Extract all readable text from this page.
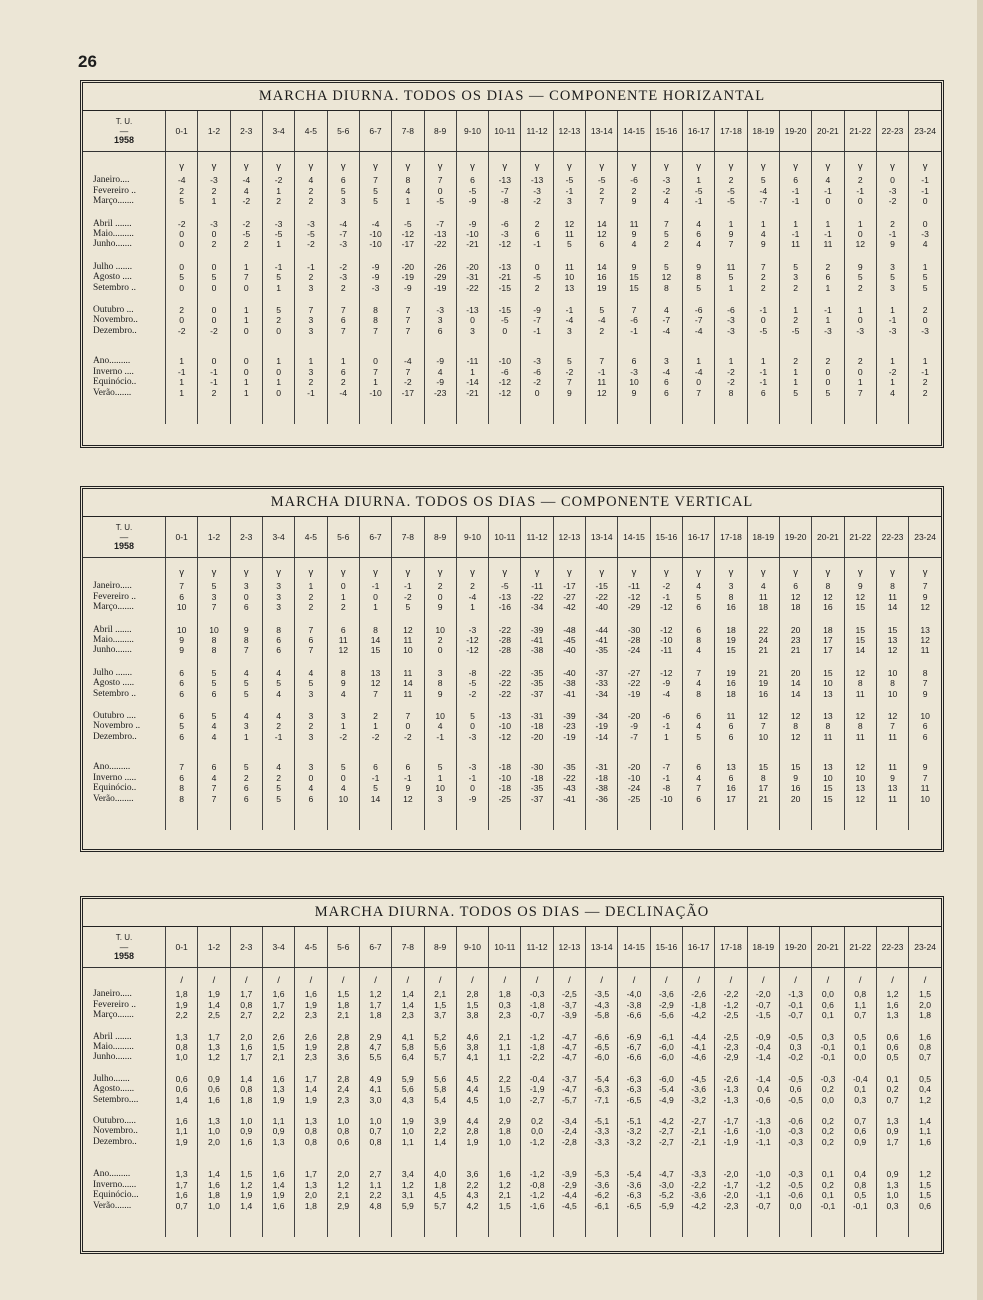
26
MARCHA DIURNA. TODOS OS DIAS — COMPONENTE HORIZANTAL
T. U.
—
1958	0-1	1-2	2-3	3-4	4-5	5-6	6-7	7-8	8-9	9-10	10-11	11-12	12-13	13-14	14-15	15-16	16-17	17-18	18-19	19-20	20-21	21-22	22-23	23-24
	γ	γ	γ	γ	γ	γ	γ	γ	γ	γ	γ	γ	γ	γ	γ	γ	γ	γ	γ	γ	γ	γ	γ	γ
Janeiro....	-4	-3	-4	-2	4	6	7	8	7	6	-13	-13	-5	-5	-6	-3	1	2	5	6	4	2	0	-1
Fevereiro ..	2	2	4	1	2	5	5	4	0	-5	-7	-3	-1	2	2	-2	-5	-5	-4	-1	-1	-1	-3	-1
Março.......	5	1	-2	2	2	3	5	1	-5	-9	-8	-2	3	7	9	4	-1	-5	-7	-1	0	0	-2	0

Abril .......	-2	-3	-2	-3	-3	-4	-4	-5	-7	-9	-6	2	12	14	11	7	4	1	1	1	1	1	2	0
Maio.........	0	0	-5	-5	-5	-7	-10	-12	-13	-10	-3	6	11	12	9	5	6	9	4	-1	-1	0	-1	-3
Junho.......	0	2	2	1	-2	-3	-10	-17	-22	-21	-12	-1	5	6	4	2	4	7	9	11	11	12	9	4

Julho .......	0	0	1	-1	-1	-2	-9	-20	-26	-20	-13	0	11	14	9	5	9	11	7	5	2	9	3	1
Agosto ....	5	5	7	5	2	-3	-9	-19	-29	-31	-21	-5	10	16	15	12	8	5	2	3	6	5	5	5
Setembro ..	0	0	0	1	3	2	-3	-9	-19	-22	-15	2	13	19	15	8	5	1	2	2	1	2	3	5

Outubro ...	2	0	1	5	7	7	8	7	-3	-13	-15	-9	-1	5	7	4	-6	-6	-1	1	-1	1	1	2
Novembro..	0	0	1	2	3	6	8	7	3	0	-5	-7	-4	-4	-6	-7	-7	-3	0	2	1	0	-1	0
Dezembro..	-2	-2	0	0	3	7	7	7	6	3	0	-1	3	2	-1	-4	-4	-3	-5	-5	-3	-3	-3	-3

Ano.........	1	0	0	1	1	1	0	-4	-9	-11	-10	-3	5	7	6	3	1	1	1	2	2	2	1	1
Inverno ....	-1	-1	0	0	3	6	7	7	4	1	-6	-6	-2	-1	-3	-4	-4	-2	-1	1	0	0	-2	-1
Equinócio..	1	-1	1	1	2	2	1	-2	-9	-14	-12	-2	7	11	10	6	0	-2	-1	1	0	1	1	2
Verão.......	1	2	1	0	-1	-4	-10	-17	-23	-21	-12	0	9	12	9	6	7	8	6	5	5	7	4	2

MARCHA DIURNA. TODOS OS DIAS — COMPONENTE VERTICAL
T. U.
—
1958	0-1	1-2	2-3	3-4	4-5	5-6	6-7	7-8	8-9	9-10	10-11	11-12	12-13	13-14	14-15	15-16	16-17	17-18	18-19	19-20	20-21	21-22	22-23	23-24
	γ	γ	γ	γ	γ	γ	γ	γ	γ	γ	γ	γ	γ	γ	γ	γ	γ	γ	γ	γ	γ	γ	γ	γ
Janeiro.....	7	5	3	3	1	0	-1	-1	2	2	-5	-11	-17	-15	-11	-2	4	3	4	6	8	9	8	7
Fevereiro ..	6	3	0	3	2	1	0	-2	0	-4	-13	-22	-27	-22	-12	-1	5	8	11	12	12	12	11	9
Março.......	10	7	6	3	2	2	1	5	9	1	-16	-34	-42	-40	-29	-12	6	16	18	18	16	15	14	12

Abril .......	10	10	9	8	7	6	8	12	10	-3	-22	-39	-48	-44	-30	-12	6	18	22	20	18	15	15	13
Maio.........	9	8	8	6	6	11	14	11	2	-12	-28	-41	-45	-41	-28	-10	8	19	24	23	17	15	13	12
Junho.......	9	8	7	6	7	12	15	10	0	-12	-28	-38	-40	-35	-24	-11	4	15	21	21	17	14	12	11

Julho .......	6	5	4	4	4	8	13	11	3	-8	-22	-35	-40	-37	-27	-12	7	19	21	20	15	12	10	8
Agosto .....	6	5	5	5	5	9	12	14	8	-5	-22	-35	-38	-33	-22	-9	4	16	19	14	10	8	8	7
Setembro ..	6	6	5	4	3	4	7	11	9	-2	-22	-37	-41	-34	-19	-4	8	18	16	14	13	11	10	9

Outubro ....	6	5	4	4	3	3	2	7	10	5	-13	-31	-39	-34	-20	-6	6	11	12	12	13	12	12	10
Novembro ..	5	4	3	2	2	1	1	0	4	0	-10	-18	-23	-19	-9	-1	4	6	7	8	8	8	7	6
Dezembro..	6	4	1	-1	3	-2	-2	-2	-1	-3	-12	-20	-19	-14	-7	1	5	6	10	12	11	11	11	6

Ano.........	7	6	5	4	3	5	6	6	5	-3	-18	-30	-35	-31	-20	-7	6	13	15	15	13	12	11	9
Inverno .....	6	4	2	2	0	0	-1	-1	1	-1	-10	-18	-22	-18	-10	-1	4	6	8	9	10	10	9	7
Equinócio..	8	7	6	5	4	4	5	9	10	0	-18	-35	-43	-38	-24	-8	7	16	17	16	15	13	13	11
Verão........	8	7	6	5	6	10	14	12	3	-9	-25	-37	-41	-36	-25	-10	6	17	21	20	15	12	11	10

MARCHA DIURNA. TODOS OS DIAS — DECLINAÇÃO
T. U.
—
1958	0-1	1-2	2-3	3-4	4-5	5-6	6-7	7-8	8-9	9-10	10-11	11-12	12-13	13-14	14-15	15-16	16-17	17-18	18-19	19-20	20-21	21-22	22-23	23-24
	/	/	/	/	/	/	/	/	/	/	/	/	/	/	/	/	/	/	/	/	/	/	/	/
Janeiro.....	1,8	1,9	1,7	1,6	1,6	1,5	1,2	1,4	2,1	2,8	1,8	-0,3	-2,5	-3,5	-4,0	-3,6	-2,6	-2,2	-2,0	-1,3	0,0	0,8	1,2	1,5
Fevereiro ..	1,9	1,4	0,8	1,7	1,9	1,8	1,7	1,4	1,5	1,5	0,3	-1,8	-3,7	-4,3	-3,8	-2,9	-1,8	-1,2	-0,7	-0,1	0,6	1,1	1,6	2,0
Março.......	2,2	2,5	2,7	2,2	2,3	2,1	1,8	2,3	3,7	3,8	2,3	-0,7	-3,9	-5,8	-6,6	-5,6	-4,2	-2,5	-1,5	-0,7	0,1	0,7	1,3	1,8

Abril .......	1,3	1,7	2,0	2,6	2,6	2,8	2,9	4,1	5,2	4,6	2,1	-1,2	-4,7	-6,6	-6,9	-6,1	-4,4	-2,5	-0,9	-0,5	0,3	0,5	0,6	1,6
Maio.........	0,8	1,3	1,6	1,5	1,9	2,8	4,7	5,8	5,6	3,8	1,1	-1,8	-4,7	-6,5	-6,7	-6,0	-4,1	-2,3	-0,4	0,3	-0,1	0,1	0,6	0,8
Junho.......	1,0	1,2	1,7	2,1	2,3	3,6	5,5	6,4	5,7	4,1	1,1	-2,2	-4,7	-6,0	-6,6	-6,0	-4,6	-2,9	-1,4	-0,2	-0,1	0,0	0,5	0,7

Julho.......	0,6	0,9	1,4	1,6	1,7	2,8	4,9	5,9	5,6	4,5	2,2	-0,4	-3,7	-5,4	-6,3	-6,0	-4,5	-2,6	-1,4	-0,5	-0,3	-0,4	0,1	0,5
Agosto......	0,6	0,6	0,8	1,3	1,4	2,4	4,1	5,6	5,8	4,4	1,5	-1,9	-4,7	-6,3	-6,3	-5,4	-3,6	-1,3	0,4	0,6	0,2	0,1	0,2	0,4
Setembro....	1,4	1,6	1,8	1,9	1,9	2,3	3,0	4,3	5,4	4,5	1,0	-2,7	-5,7	-7,1	-6,5	-4,9	-3,2	-1,3	-0,6	-0,5	0,0	0,3	0,7	1,2

Outubro.....	1,6	1,3	1,0	1,1	1,3	1,0	1,0	1,9	3,9	4,4	2,9	0,2	-3,4	-5,1	-5,1	-4,2	-2,7	-1,7	-1,3	-0,6	0,2	0,7	1,3	1,4
Novembro..	1,1	1,0	0,9	0,9	0,8	0,8	0,7	1,0	2,2	2,8	1,8	0,0	-2,4	-3,3	-3,2	-2,7	-2,1	-1,6	-1,0	-0,3	0,2	0,6	0,9	1,1
Dezembro..	1,9	2,0	1,6	1,3	0,8	0,6	0,8	1,1	1,4	1,9	1,0	-1,2	-2,8	-3,3	-3,2	-2,7	-2,1	-1,9	-1,1	-0,3	0,2	0,9	1,7	1,6

Ano.........	1,3	1,4	1,5	1,6	1,7	2,0	2,7	3,4	4,0	3,6	1,6	-1,2	-3,9	-5,3	-5,4	-4,7	-3,3	-2,0	-1,0	-0,3	0,1	0,4	0,9	1,2
Inverno......	1,7	1,6	1,2	1,4	1,3	1,2	1,1	1,2	1,8	2,2	1,2	-0,8	-2,9	-3,6	-3,6	-3,0	-2,2	-1,7	-1,2	-0,5	0,2	0,8	1,3	1,5
Equinócio...	1,6	1,8	1,9	1,9	2,0	2,1	2,2	3,1	4,5	4,3	2,1	-1,2	-4,4	-6,2	-6,3	-5,2	-3,6	-2,0	-1,1	-0,6	0,1	0,5	1,0	1,5
Verão.......	0,7	1,0	1,4	1,6	1,8	2,9	4,8	5,9	5,7	4,2	1,5	-1,6	-4,5	-6,1	-6,5	-5,9	-4,2	-2,3	-0,7	0,0	-0,1	-0,1	0,3	0,6
